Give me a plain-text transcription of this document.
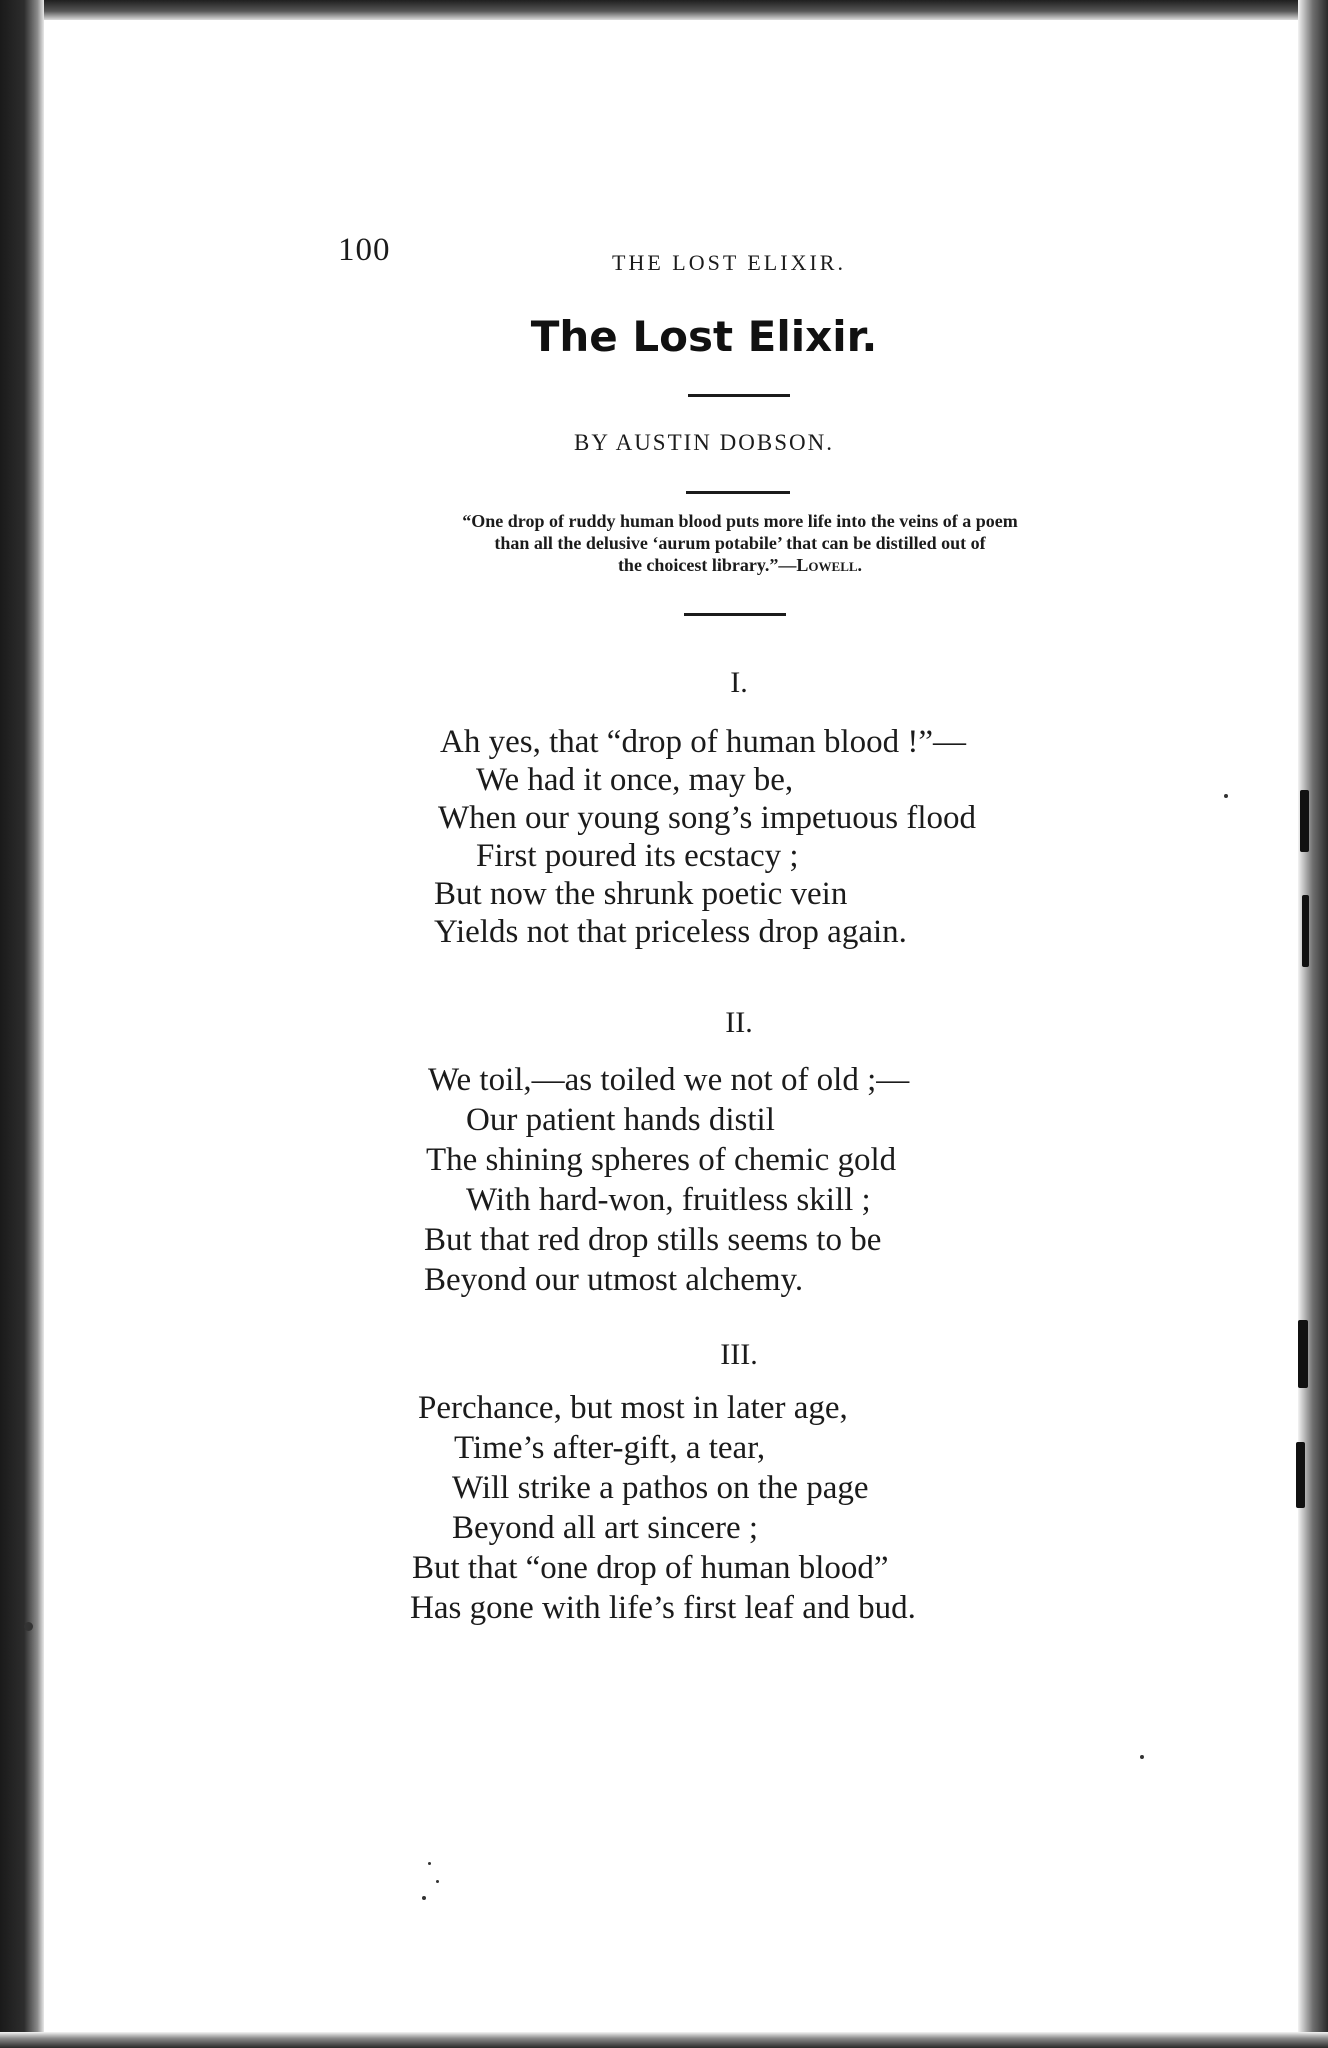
100	THE LOST ELIXIR.
The Lost Elixir.
BY AUSTIN DOBSON.
“One drop of ruddy human blood puts more life into the veins of a poem
than all the delusive ‘aurum potabile’ that can be distilled out of
the choicest library.”—Lowell.
I.
Ah yes, that “drop of human blood !”—
We had it once, may be,
When our young song’s impetuous flood
First poured its ecstacy ;
But now the shrunk poetic vein
Yields not that priceless drop again.
II.
We toil,—as toiled we not of old ;—
Our patient hands distil
The shining spheres of chemic gold
With hard-won, fruitless skill ;
But that red drop stills seems to be
Beyond our utmost alchemy.
III.
Perchance, but most in later age,
Time’s after-gift, a tear,
Will strike a pathos on the page
Beyond all art sincere ;
But that “one drop of human blood”
Has gone with life’s first leaf and bud.
